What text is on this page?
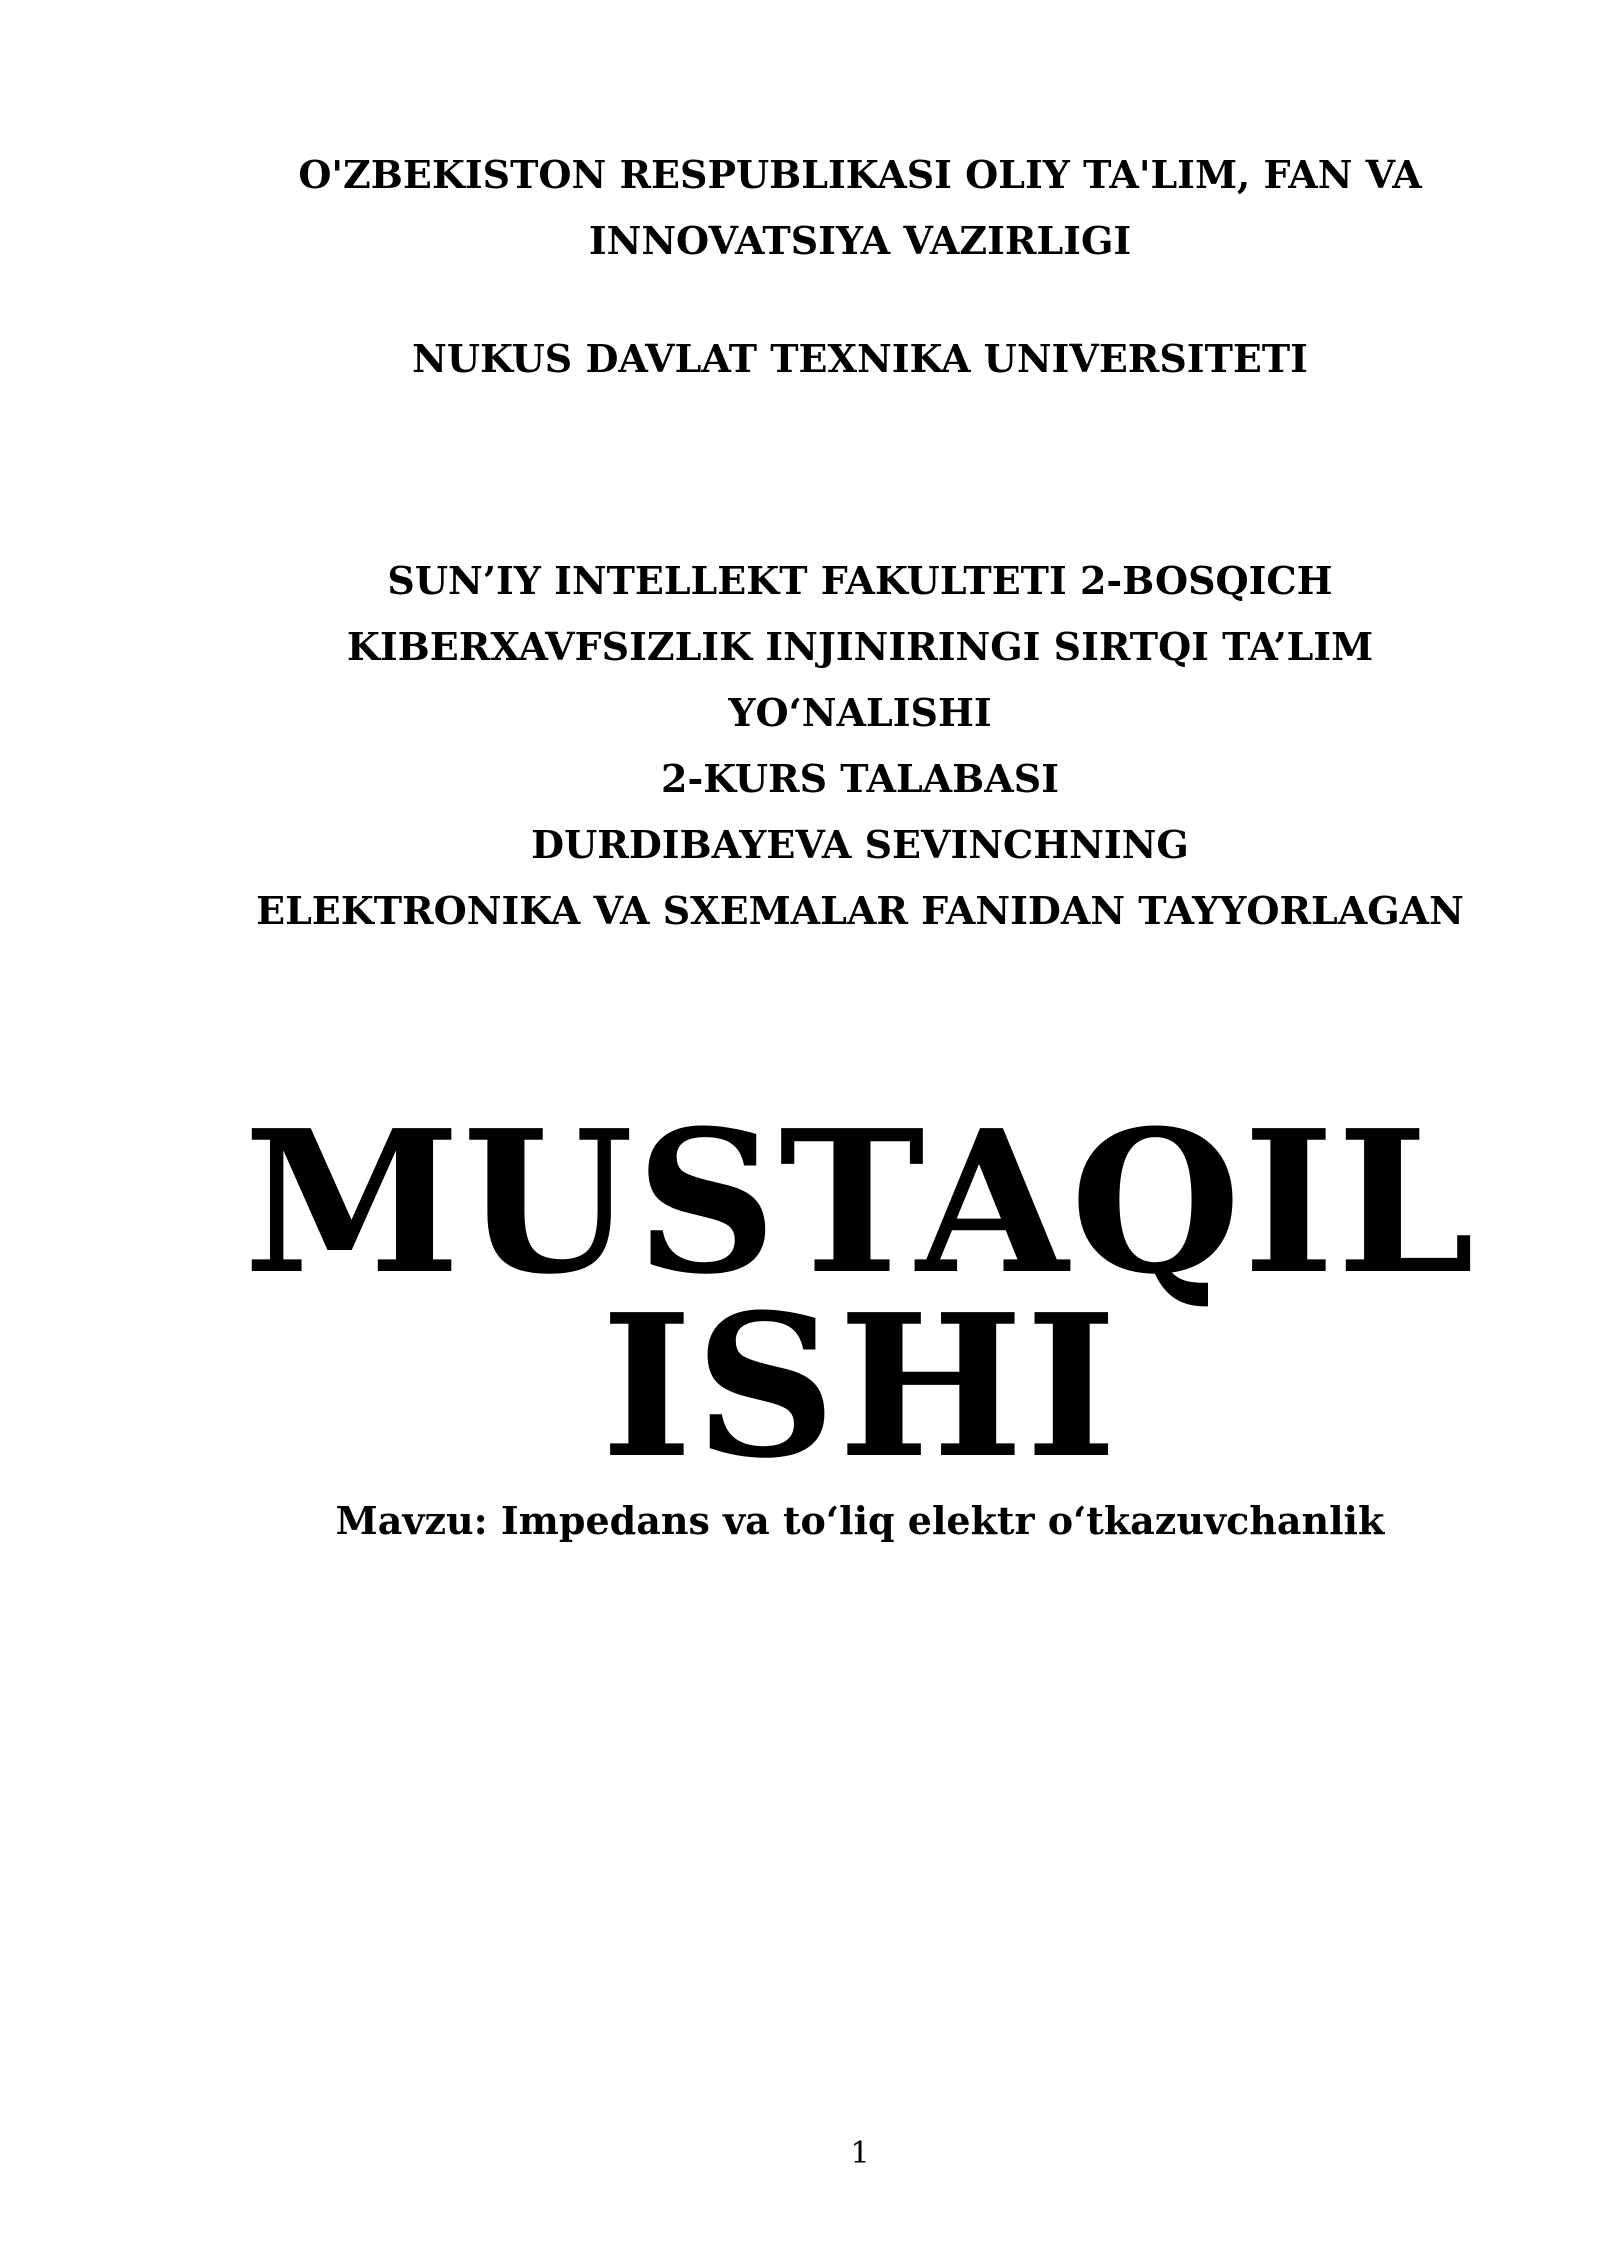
O'ZBEKISTON RESPUBLIKASI OLIY TA'LIM, FAN VA
INNOVATSIYA VAZIRLIGI
NUKUS DAVLAT TEXNIKA UNIVERSITETI
SUN’IY INTELLEKT FAKULTETI 2-BOSQICH
KIBERXAVFSIZLIK INJINIRINGI SIRTQI TA’LIM
YO‘NALISHI
2-KURS TALABASI
DURDIBAYEVA SEVINCHNING
ELEKTRONIKA VA SXEMALAR FANIDAN TAYYORLAGAN
MUSTAQIL
ISHI
Mavzu: Impedans va to‘liq elektr o‘tkazuvchanlik
1
